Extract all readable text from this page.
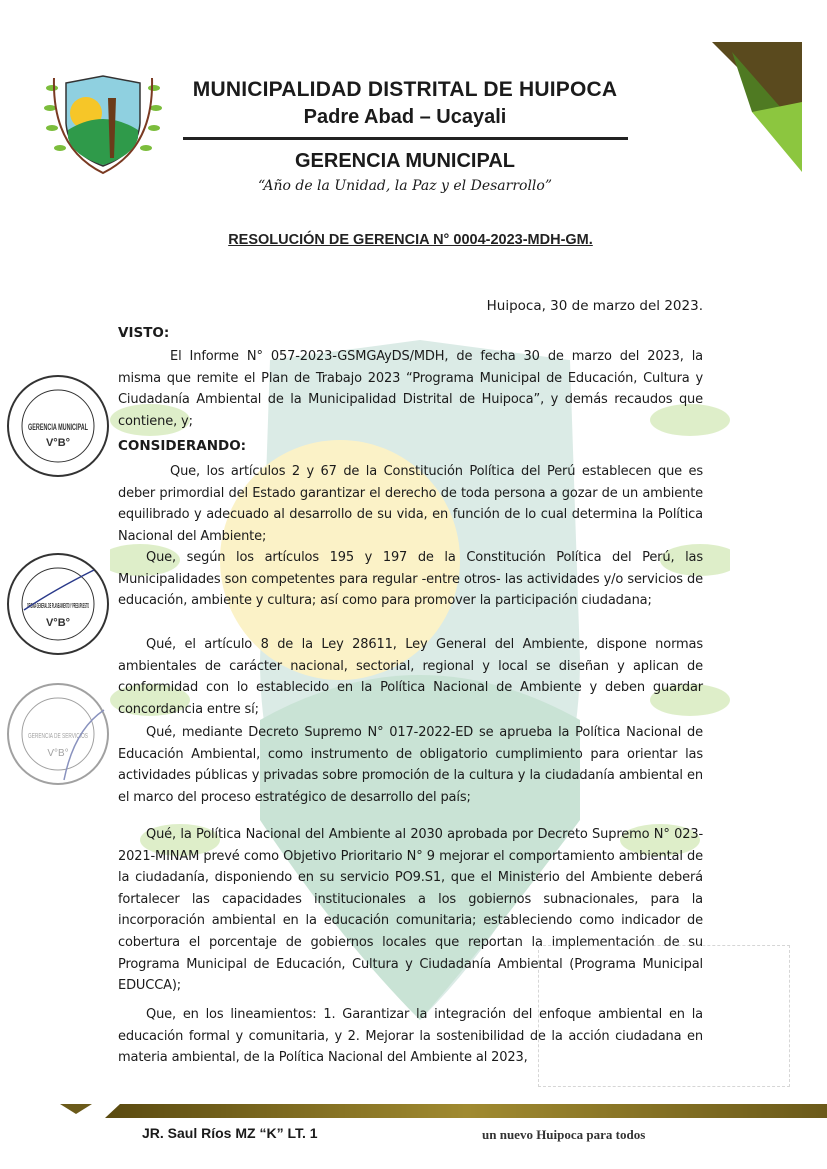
MUNICIPALIDAD DISTRITAL DE HUIPOCA
Padre Abad – Ucayali
GERENCIA MUNICIPAL
“Año de la Unidad, la Paz y el Desarrollo”
RESOLUCIÓN DE GERENCIA N° 0004-2023-MDH-GM.
Huipoca, 30 de marzo del 2023.
VISTO:
El Informe N° 057-2023-GSMGAyDS/MDH, de fecha 30 de marzo del 2023, la misma que remite el Plan de Trabajo 2023 “Programa Municipal de Educación, Cultura y Ciudadanía Ambiental de la Municipalidad Distrital de Huipoca”, y demás recaudos que contiene, y;
CONSIDERANDO:
Que, los artículos 2 y 67 de la Constitución Política del Perú establecen que es deber primordial del Estado garantizar el derecho de toda persona a gozar de un ambiente equilibrado y adecuado al desarrollo de su vida, en función de lo cual determina la Política Nacional del Ambiente;
Que, según los artículos 195 y 197 de la Constitución Política del Perú, las Municipalidades son competentes para regular -entre otros- las actividades y/o servicios de educación, ambiente y cultura; así como para promover la participación ciudadana;
Qué, el artículo 8 de la Ley 28611, Ley General del Ambiente, dispone normas ambientales de carácter nacional, sectorial, regional y local se diseñan y aplican de conformidad con lo establecido en la Política Nacional de Ambiente y deben guardar concordancia entre sí;
Qué, mediante Decreto Supremo N° 017-2022-ED se aprueba la Política Nacional de Educación Ambiental, como instrumento de obligatorio cumplimiento para orientar las actividades públicas y privadas sobre promoción de la cultura y la ciudadanía ambiental en el marco del proceso estratégico de desarrollo del país;
Qué, la Política Nacional del Ambiente al 2030 aprobada por Decreto Supremo N° 023-2021-MINAM prevé como Objetivo Prioritario N° 9 mejorar el comportamiento ambiental de la ciudadanía, disponiendo en su servicio PO9.S1, que el Ministerio del Ambiente deberá fortalecer las capacidades institucionales a los gobiernos subnacionales, para la incorporación ambiental en la educación comunitaria; estableciendo como indicador de cobertura el porcentaje de gobiernos locales que reportan la implementación de su Programa Municipal de Educación, Cultura y Ciudadanía Ambiental (Programa Municipal EDUCCA);
Que, en los lineamientos: 1. Garantizar la integración del enfoque ambiental en la educación formal y comunitaria, y 2. Mejorar la sostenibilidad de la acción ciudadana en materia ambiental, de la Política Nacional del Ambiente al 2023,
GERENCIA MUNICIPAL
V°B°
OFICINA GENERAL DE PLANEAMIENTO Y PRESUPUESTO
V°B°
GERENCIA DE SERVICIOS
V°B°
JR. Saul Ríos MZ “K” LT. 1	un nuevo Huipoca para todos
